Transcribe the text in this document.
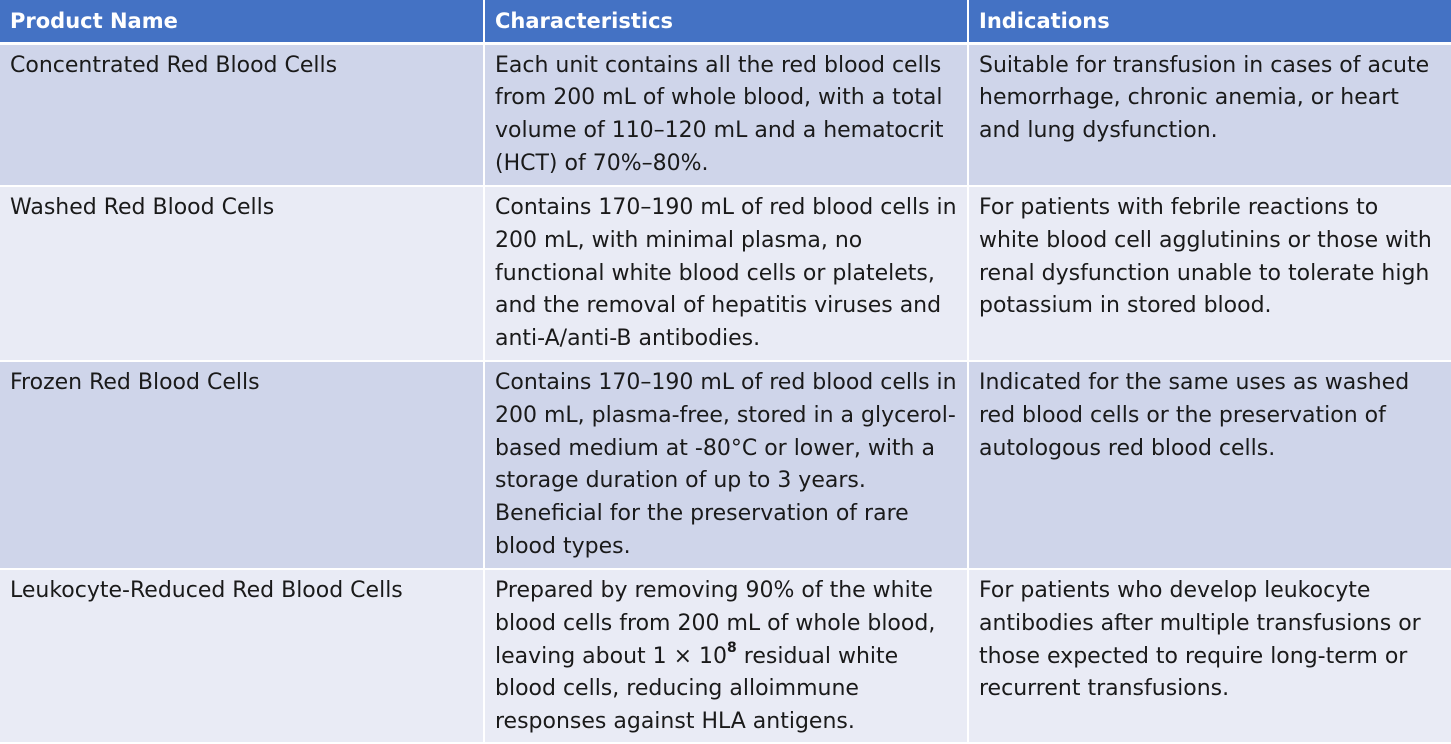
Product Name	Characteristics	Indications
Concentrated Red Blood Cells	Each unit contains all the red blood cells from 200 mL of whole blood, with a total volume of 110–120 mL and a hematocrit (HCT) of 70%–80%.	Suitable for transfusion in cases of acute hemorrhage, chronic anemia, or heart and lung dysfunction.
Washed Red Blood Cells	Contains 170–190 mL of red blood cells in 200 mL, with minimal plasma, no functional white blood cells or platelets, and the removal of hepatitis viruses and anti-A/anti-B antibodies.	For patients with febrile reactions to white blood cell agglutinins or those with renal dysfunction unable to tolerate high potassium in stored blood.
Frozen Red Blood Cells	Contains 170–190 mL of red blood cells in 200 mL, plasma-free, stored in a glycerol-based medium at -80°C or lower, with a storage duration of up to 3 years. Beneficial for the preservation of rare blood types.	Indicated for the same uses as washed red blood cells or the preservation of autologous red blood cells.
Leukocyte-Reduced Red Blood Cells	Prepared by removing 90% of the white blood cells from 200 mL of whole blood, leaving about $1 \times 10^8$ residual white blood cells, reducing alloimmune responses against HLA antigens.	For patients who develop leukocyte antibodies after multiple transfusions or those expected to require long-term or recurrent transfusions.
